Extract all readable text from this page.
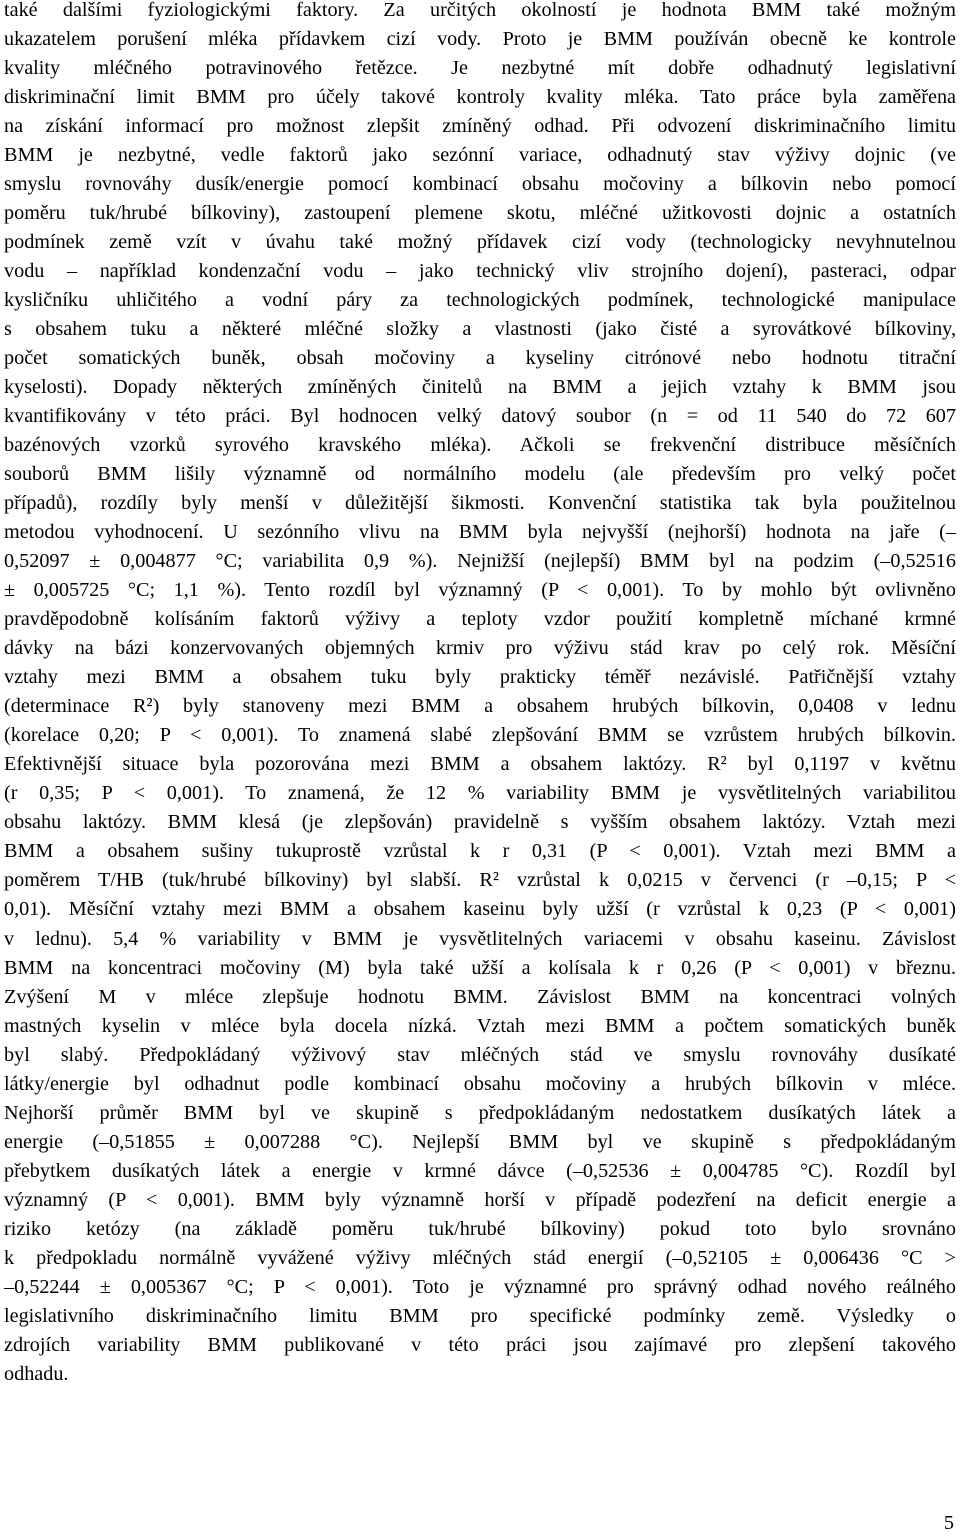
také dalšími fyziologickými faktory. Za určitých okolností je hodnota BMM také možným
ukazatelem porušení mléka přídavkem cizí vody. Proto je BMM používán obecně ke kontrole
kvality mléčného potravinového řetězce. Je nezbytné mít dobře odhadnutý legislativní
diskriminační limit BMM pro účely takové kontroly kvality mléka. Tato práce byla zaměřena
na získání informací pro možnost zlepšit zmíněný odhad. Při odvození diskriminačního limitu
BMM je nezbytné, vedle faktorů jako sezónní variace, odhadnutý stav výživy dojnic (ve
smyslu rovnováhy dusík/energie pomocí kombinací obsahu močoviny a bílkovin nebo pomocí
poměru tuk/hrubé bílkoviny), zastoupení plemene skotu, mléčné užitkovosti dojnic a ostatních
podmínek země vzít v úvahu také možný přídavek cizí vody (technologicky nevyhnutelnou
vodu – například kondenzační vodu – jako technický vliv strojního dojení), pasteraci, odpar
kysličníku uhličitého a vodní páry za technologických podmínek, technologické manipulace
s obsahem tuku a některé mléčné složky a vlastnosti (jako čisté a syrovátkové bílkoviny,
počet somatických buněk, obsah močoviny a kyseliny citrónové nebo hodnotu titrační
kyselosti). Dopady některých zmíněných činitelů na BMM a jejich vztahy k BMM jsou
kvantifikovány v této práci. Byl hodnocen velký datový soubor (n = od 11 540 do 72 607
bazénových vzorků syrového kravského mléka). Ačkoli se frekvenční distribuce měsíčních
souborů BMM lišily významně od normálního modelu (ale především pro velký počet
případů), rozdíly byly menší v důležitější šikmosti. Konvenční statistika tak byla použitelnou
metodou vyhodnocení. U sezónního vlivu na BMM byla nejvyšší (nejhorší) hodnota na jaře (–
0,52097 ± 0,004877 °C; variabilita 0,9 %). Nejnižší (nejlepší) BMM byl na podzim (–0,52516
± 0,005725 °C; 1,1 %). Tento rozdíl byl významný (P < 0,001). To by mohlo být ovlivněno
pravděpodobně kolísáním faktorů výživy a teploty vzdor použití kompletně míchané krmné
dávky na bázi konzervovaných objemných krmiv pro výživu stád krav po celý rok. Měsíční
vztahy mezi BMM a obsahem tuku byly prakticky téměř nezávislé. Patřičnější vztahy
(determinace R²) byly stanoveny mezi BMM a obsahem hrubých bílkovin, 0,0408 v lednu
(korelace 0,20; P < 0,001). To znamená slabé zlepšování BMM se vzrůstem hrubých bílkovin.
Efektivnější situace byla pozorována mezi BMM a obsahem laktózy. R² byl 0,1197 v květnu
(r 0,35; P < 0,001). To znamená, že 12 % variability BMM je vysvětlitelných variabilitou
obsahu laktózy. BMM klesá (je zlepšován) pravidelně s vyšším obsahem laktózy. Vztah mezi
BMM a obsahem sušiny tukuprostě vzrůstal k r 0,31 (P < 0,001). Vztah mezi BMM a
poměrem T/HB (tuk/hrubé bílkoviny) byl slabší. R² vzrůstal k 0,0215 v červenci (r –0,15; P <
0,01). Měsíční vztahy mezi BMM a obsahem kaseinu byly užší (r vzrůstal k 0,23 (P < 0,001)
v lednu). 5,4 % variability v BMM je vysvětlitelných variacemi v obsahu kaseinu. Závislost
BMM na koncentraci močoviny (M) byla také užší a kolísala k r 0,26 (P < 0,001) v březnu.
Zvýšení M v mléce zlepšuje hodnotu BMM. Závislost BMM na koncentraci volných
mastných kyselin v mléce byla docela nízká. Vztah mezi BMM a počtem somatických buněk
byl slabý. Předpokládaný výživový stav mléčných stád ve smyslu rovnováhy dusíkaté
látky/energie byl odhadnut podle kombinací obsahu močoviny a hrubých bílkovin v mléce.
Nejhorší průměr BMM byl ve skupině s předpokládaným nedostatkem dusíkatých látek a
energie (–0,51855 ± 0,007288 °C). Nejlepší BMM byl ve skupině s předpokládaným
přebytkem dusíkatých látek a energie v krmné dávce (–0,52536 ± 0,004785 °C). Rozdíl byl
významný (P < 0,001). BMM byly významně horší v případě podezření na deficit energie a
riziko ketózy (na základě poměru tuk/hrubé bílkoviny) pokud toto bylo srovnáno
k předpokladu normálně vyvážené výživy mléčných stád energií (–0,52105 ± 0,006436 °C >
–0,52244 ± 0,005367 °C; P < 0,001). Toto je významné pro správný odhad nového reálného
legislativního diskriminačního limitu BMM pro specifické podmínky země. Výsledky o
zdrojích variability BMM publikované v této práci jsou zajímavé pro zlepšení takového
odhadu.
5
